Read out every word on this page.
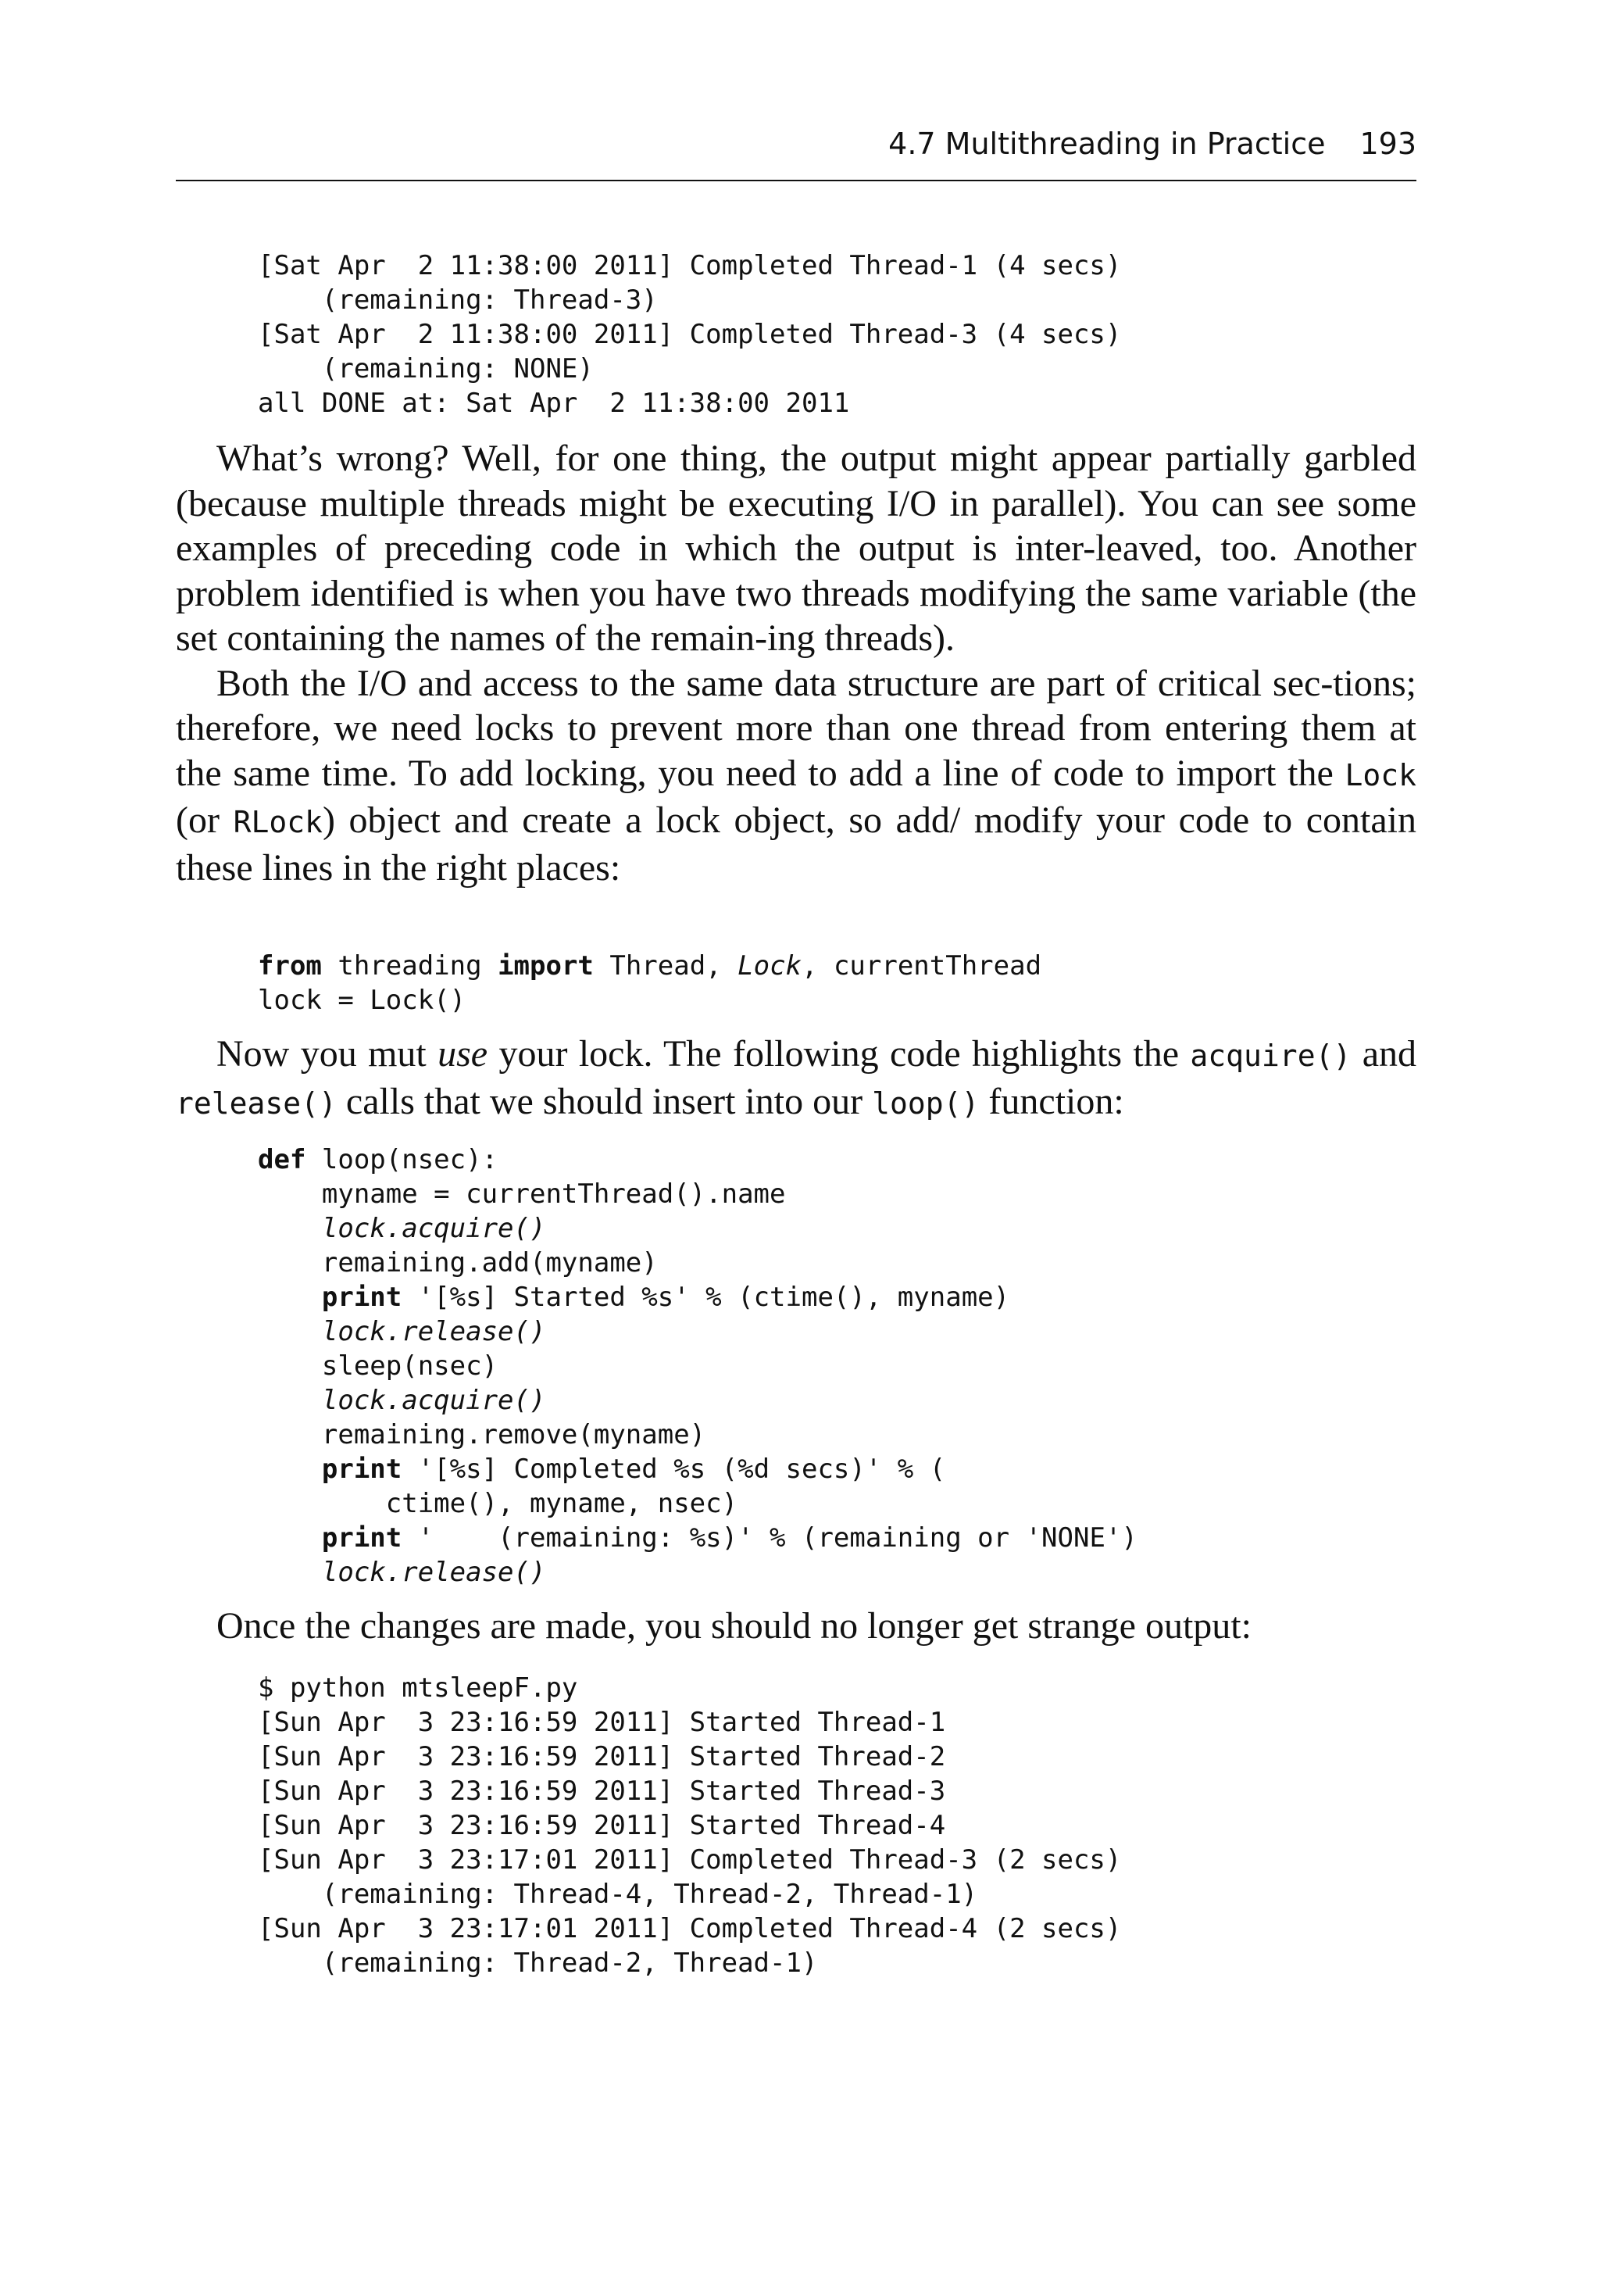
4.7 Multithreading in Practice 193
[Sat Apr  2 11:38:00 2011] Completed Thread-1 (4 secs)
(remaining: Thread-3)
[Sat Apr  2 11:38:00 2011] Completed Thread-3 (4 secs)
(remaining: NONE)
all DONE at: Sat Apr  2 11:38:00 2011

What’s wrong? Well, for one thing, the output might appear partially garbled (because multiple threads might be executing I/O in parallel). You can see some examples of preceding code in which the output is inter-leaved, too. Another problem identified is when you have two threads modifying the same variable (the set containing the names of the remain-ing threads).

Both the I/O and access to the same data structure are part of critical sec-tions; therefore, we need locks to prevent more than one thread from entering them at the same time. To add locking, you need to add a line of code to import the Lock (or RLock) object and create a lock object, so add/ modify your code to contain these lines in the right places:

from threading import Thread, Lock, currentThread
lock = Lock()

Now you mut use your lock. The following code highlights the acquire() and release() calls that we should insert into our loop() function:

def loop(nsec):
myname = currentThread().name
lock.acquire()
remaining.add(myname)
print '[%s] Started %s' % (ctime(), myname)
lock.release()
sleep(nsec)
lock.acquire()
remaining.remove(myname)
print '[%s] Completed %s (%d secs)' % (
ctime(), myname, nsec)
print '    (remaining: %s)' % (remaining or 'NONE')
lock.release()

Once the changes are made, you should no longer get strange output:

$ python mtsleepF.py
[Sun Apr  3 23:16:59 2011] Started Thread-1
[Sun Apr  3 23:16:59 2011] Started Thread-2
[Sun Apr  3 23:16:59 2011] Started Thread-3
[Sun Apr  3 23:16:59 2011] Started Thread-4
[Sun Apr  3 23:17:01 2011] Completed Thread-3 (2 secs)
(remaining: Thread-4, Thread-2, Thread-1)
[Sun Apr  3 23:17:01 2011] Completed Thread-4 (2 secs)
(remaining: Thread-2, Thread-1)
